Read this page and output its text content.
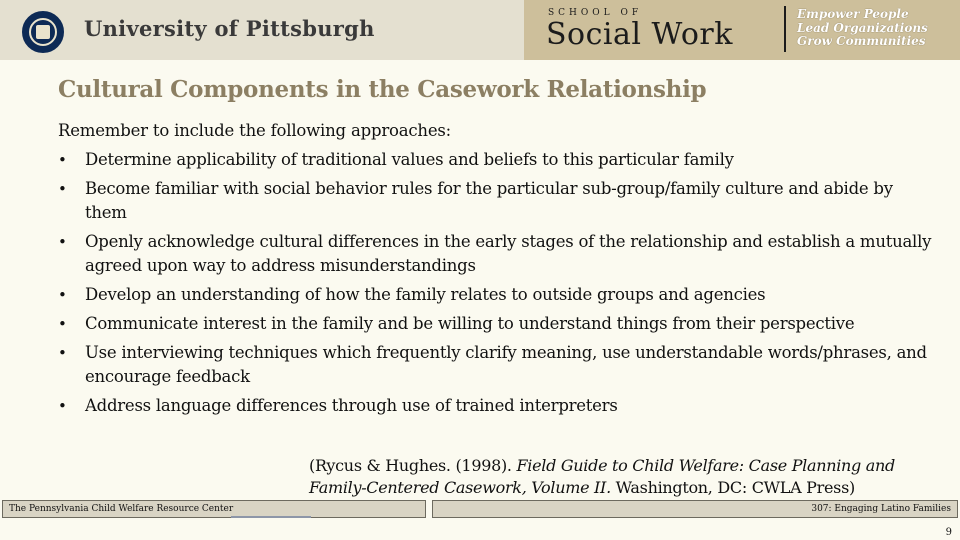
University of Pittsburgh
SCHOOL OF
Social Work
Empower People
Lead Organizations
Grow Communities
Cultural Components in the Casework Relationship
Remember to include the following approaches:
• Determine applicability of traditional values and beliefs to this particular family
• Become familiar with social behavior rules for the particular sub-group/family culture and abide by them
• Openly acknowledge cultural differences in the early stages of the relationship and establish a mutually agreed upon way to address misunderstandings
• Develop an understanding of how the family relates to outside groups and agencies
• Communicate interest in the family and be willing to understand things from their perspective
• Use interviewing techniques which frequently clarify meaning, use understandable words/phrases, and encourage feedback
• Address language differences through use of trained interpreters
(Rycus & Hughes. (1998). Field Guide to Child Welfare: Case Planning and Family-Centered Casework, Volume II. Washington, DC: CWLA Press)
The Pennsylvania Child Welfare Resource Center	307: Engaging Latino Families
9
